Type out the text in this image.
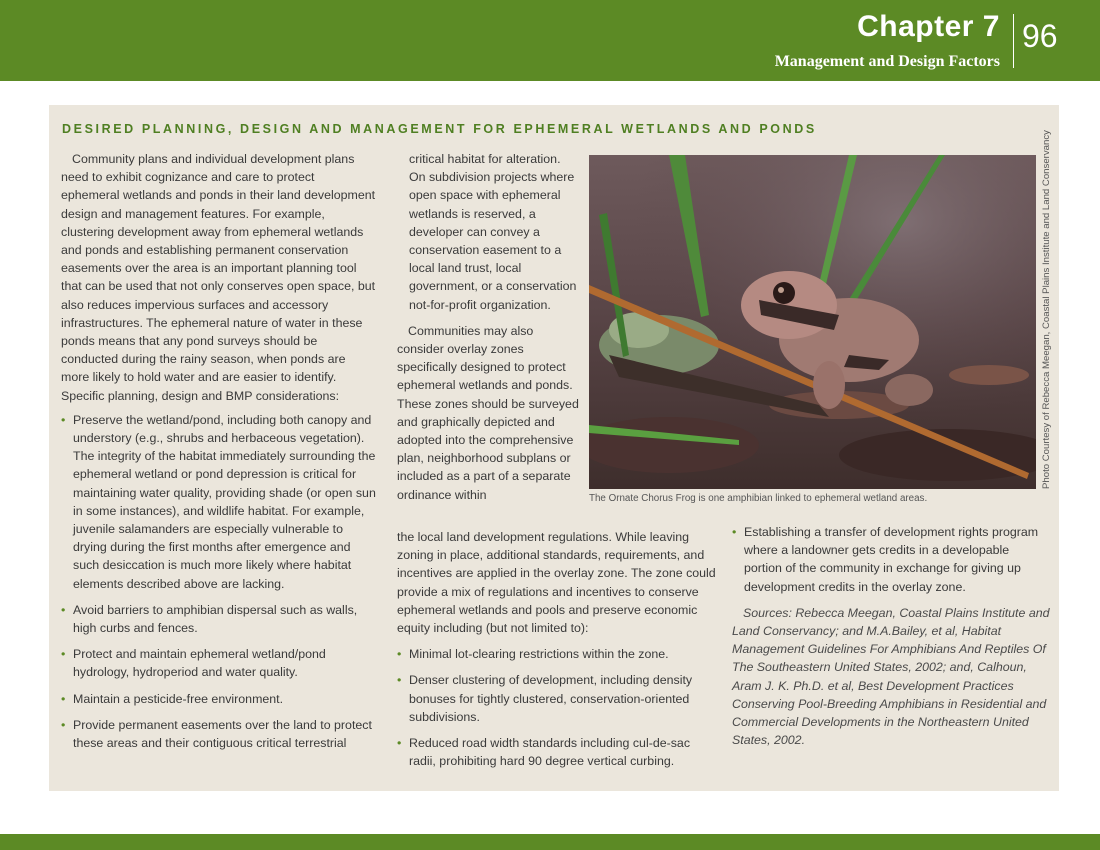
Chapter 7
Management and Design Factors
96
DESIRED PLANNING, DESIGN AND MANAGEMENT FOR EPHEMERAL WETLANDS AND PONDS

Community plans and individual development plans need to exhibit cognizance and care to protect ephemeral wetlands and ponds in their land development design and management features. For example, clustering development away from ephemeral wetlands and ponds and establishing permanent conservation easements over the area is an important planning tool that can be used that not only conserves open space, but also reduces impervious surfaces and accessory infrastructures. The ephemeral nature of water in these ponds means that any pond surveys should be conducted during the rainy season, when ponds are more likely to hold water and are easier to identify. Specific planning, design and BMP considerations:

• Preserve the wetland/pond, including both canopy and understory (e.g., shrubs and herbaceous vegetation). The integrity of the habitat immediately surrounding the ephemeral wetland or pond depression is critical for maintaining water quality, providing shade (or open sun in some instances), and wildlife habitat. For example, juvenile salamanders are especially vulnerable to drying during the first months after emergence and such desiccation is much more likely where habitat elements described above are lacking.
• Avoid barriers to amphibian dispersal such as walls, high curbs and fences.
• Protect and maintain ephemeral wetland/pond hydrology, hydroperiod and water quality.
• Maintain a pesticide-free environment.
• Provide permanent easements over the land to protect these areas and their contiguous critical terrestrial

critical habitat for alteration. On subdivision projects where open space with ephemeral wetlands is reserved, a developer can convey a conservation easement to a local land trust, local government, or a conservation not-for-profit organization.

Communities may also consider overlay zones specifically designed to protect ephemeral wetlands and ponds. These zones should be surveyed and graphically depicted and adopted into the comprehensive plan, neighborhood subplans or included as a part of a separate ordinance within

the local land development regulations. While leaving zoning in place, additional standards, requirements, and incentives are applied in the overlay zone. The zone could provide a mix of regulations and incentives to conserve ephemeral wetlands and pools and preserve economic equity including (but not limited to):

• Minimal lot-clearing restrictions within the zone.
• Denser clustering of development, including density bonuses for tightly clustered, conservation-oriented subdivisions.
• Reduced road width standards including cul-de-sac radii, prohibiting hard 90 degree vertical curbing.
• Establishing a transfer of development rights program where a landowner gets credits in a developable portion of the community in exchange for giving up development credits in the overlay zone.

Sources: Rebecca Meegan, Coastal Plains Institute and Land Conservancy; and M.A.Bailey, et al, Habitat Management Guidelines For Amphibians And Reptiles Of The Southeastern United States, 2002; and, Calhoun, Aram J. K. Ph.D. et al, Best Development Practices Conserving Pool-Breeding Amphibians in Residential and Commercial Developments in the Northeastern United States, 2002.

The Ornate Chorus Frog is one amphibian linked to ephemeral wetland areas.
Photo Courtesy of Rebecca Meegan, Coastal Plains Institute and Land Conservancy
